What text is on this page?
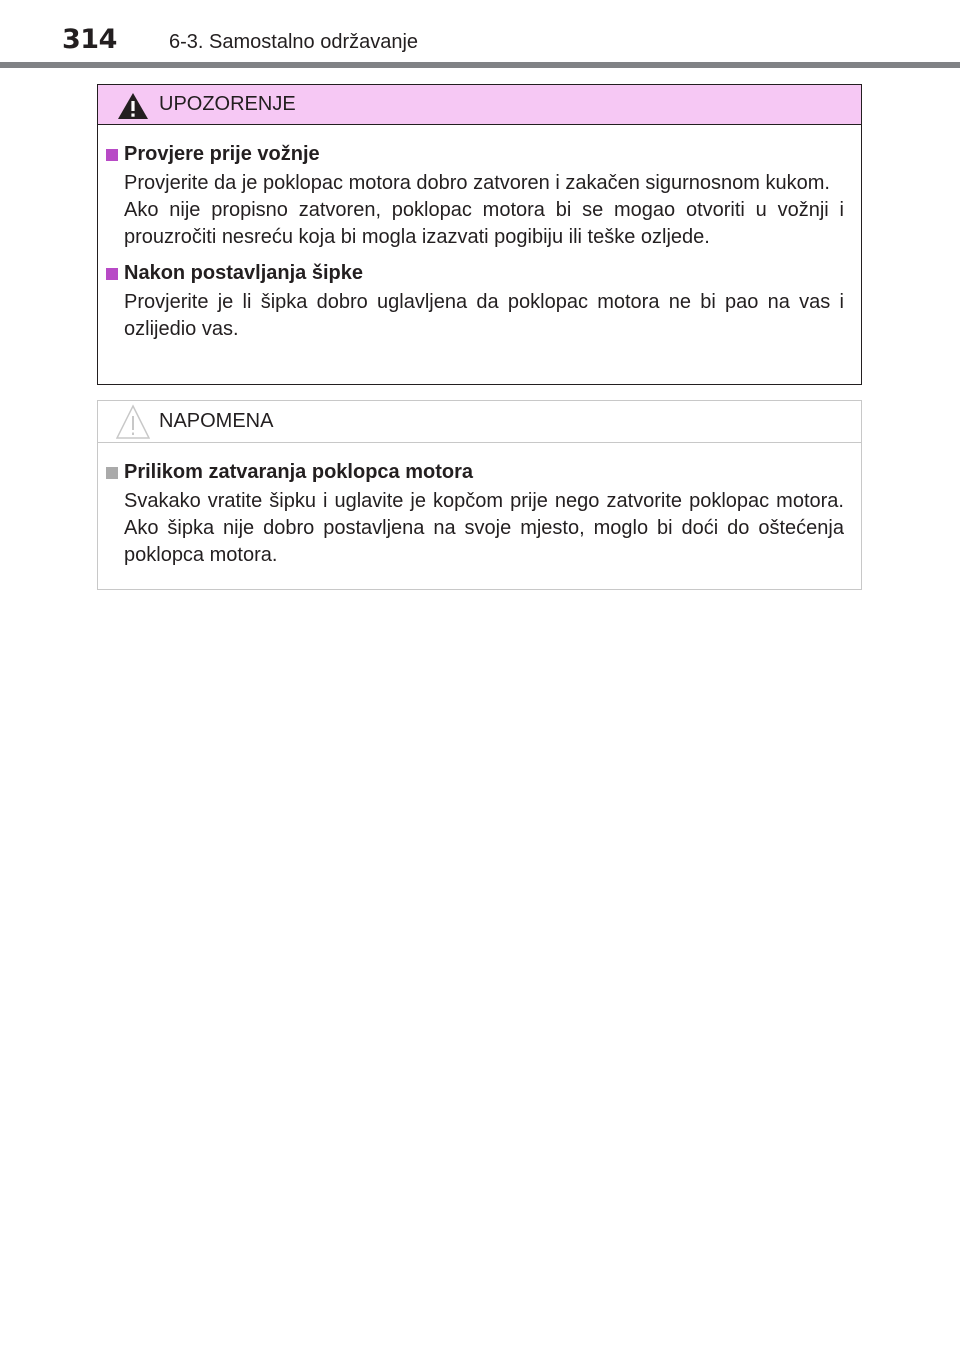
314	6-3. Samostalno održavanje
UPOZORENJE
Provjere prije vožnje
Provjerite da je poklopac motora dobro zatvoren i zakačen sigurnosnom kukom.
Ako nije propisno zatvoren, poklopac motora bi se mogao otvoriti u vožnji i prouzročiti nesreću koja bi mogla izazvati pogibiju ili teške ozljede.
Nakon postavljanja šipke
Provjerite je li šipka dobro uglavljena da poklopac motora ne bi pao na vas i ozlijedio vas.
NAPOMENA
Prilikom zatvaranja poklopca motora
Svakako vratite šipku i uglavite je kopčom prije nego zatvorite poklopac motora. Ako šipka nije dobro postavljena na svoje mjesto, moglo bi doći do oštećenja poklopca motora.
